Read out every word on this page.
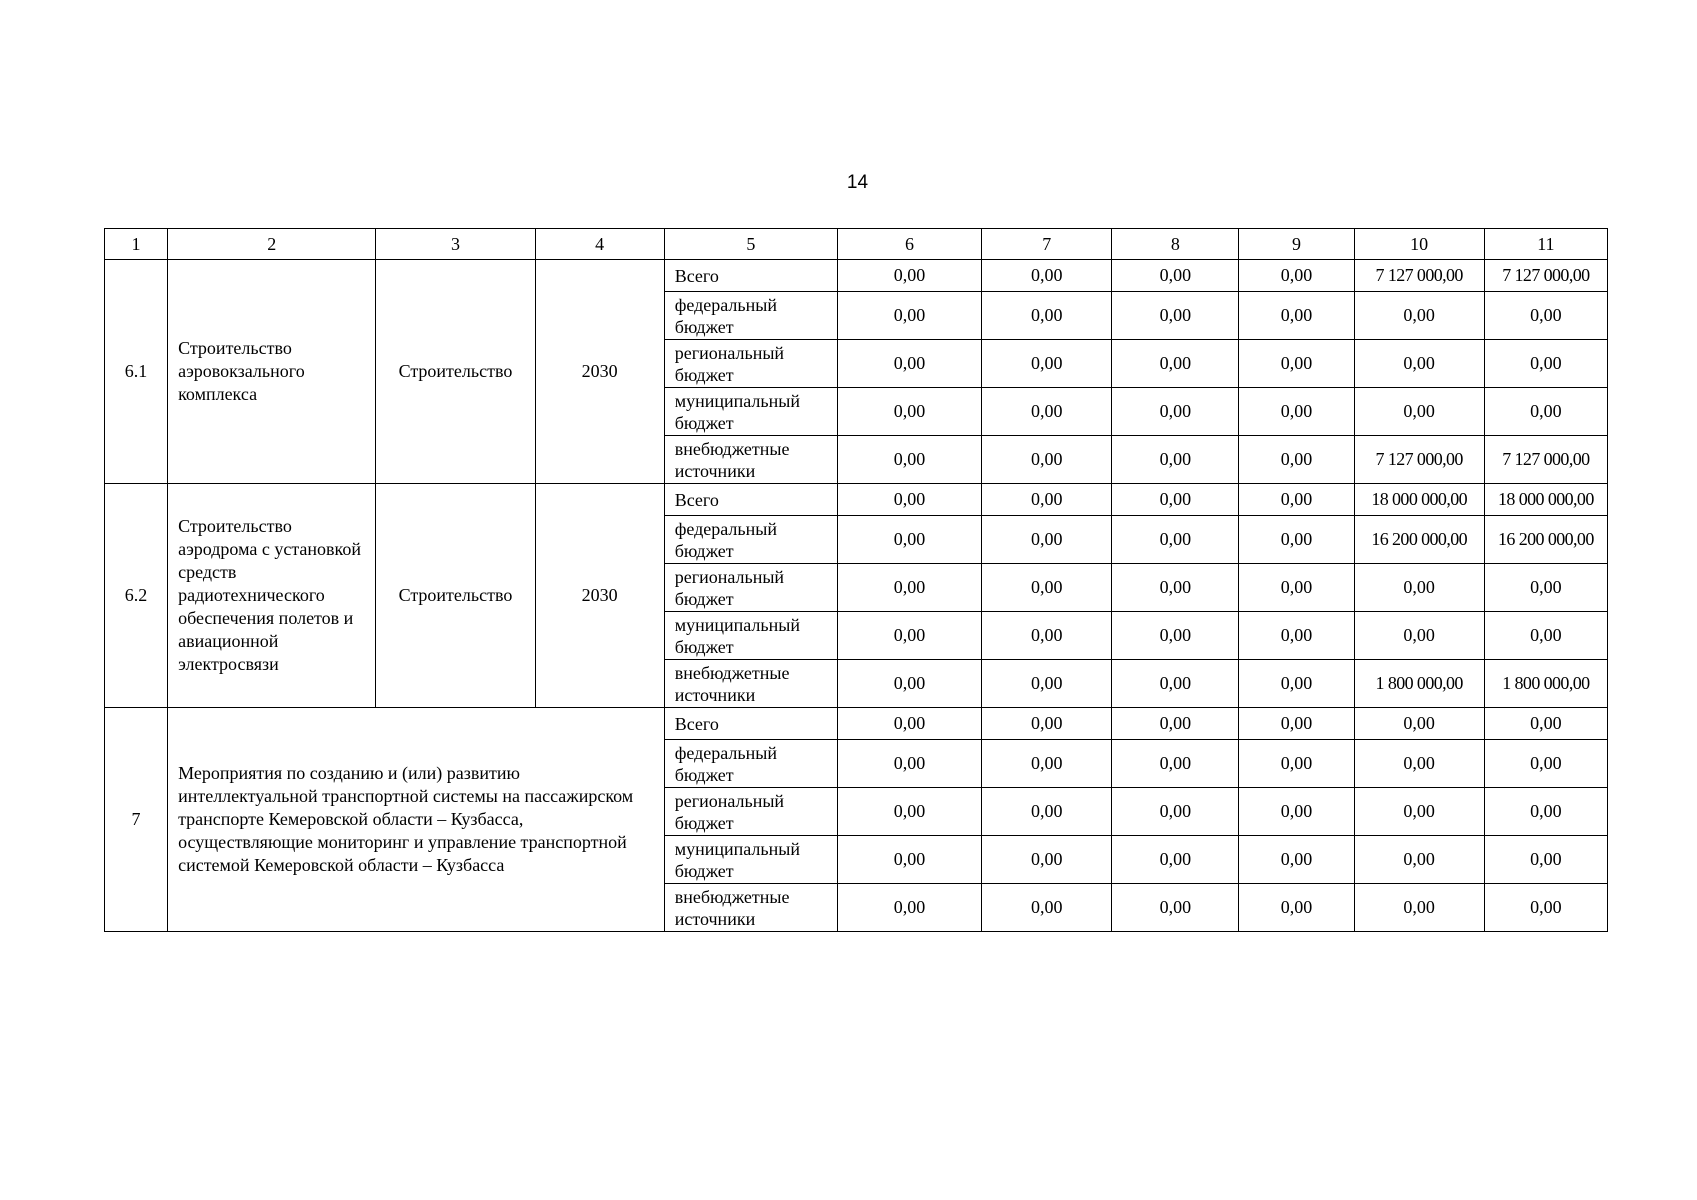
14
1	2	3	4	5	6	7	8	9	10	11
6.1	Строительство аэровокзального комплекса	Строительство	2030	Всего	0,00	0,00	0,00	0,00	7 127 000,00	7 127 000,00
				федеральный бюджет	0,00	0,00	0,00	0,00	0,00	0,00
				региональный бюджет	0,00	0,00	0,00	0,00	0,00	0,00
				муниципальный бюджет	0,00	0,00	0,00	0,00	0,00	0,00
				внебюджетные источники	0,00	0,00	0,00	0,00	7 127 000,00	7 127 000,00
6.2	Строительство аэродрома с установкой средств радиотехнического обеспечения полетов и авиационной электросвязи	Строительство	2030	Всего	0,00	0,00	0,00	0,00	18 000 000,00	18 000 000,00
				федеральный бюджет	0,00	0,00	0,00	0,00	16 200 000,00	16 200 000,00
				региональный бюджет	0,00	0,00	0,00	0,00	0,00	0,00
				муниципальный бюджет	0,00	0,00	0,00	0,00	0,00	0,00
				внебюджетные источники	0,00	0,00	0,00	0,00	1 800 000,00	1 800 000,00
7	Мероприятия по созданию и (или) развитию интеллектуальной транспортной системы на пассажирском транспорте Кемеровской области – Кузбасса, осуществляющие мониторинг и управление транспортной системой Кемеровской области – Кузбасса			Всего	0,00	0,00	0,00	0,00	0,00	0,00
				федеральный бюджет	0,00	0,00	0,00	0,00	0,00	0,00
				региональный бюджет	0,00	0,00	0,00	0,00	0,00	0,00
				муниципальный бюджет	0,00	0,00	0,00	0,00	0,00	0,00
				внебюджетные источники	0,00	0,00	0,00	0,00	0,00	0,00
